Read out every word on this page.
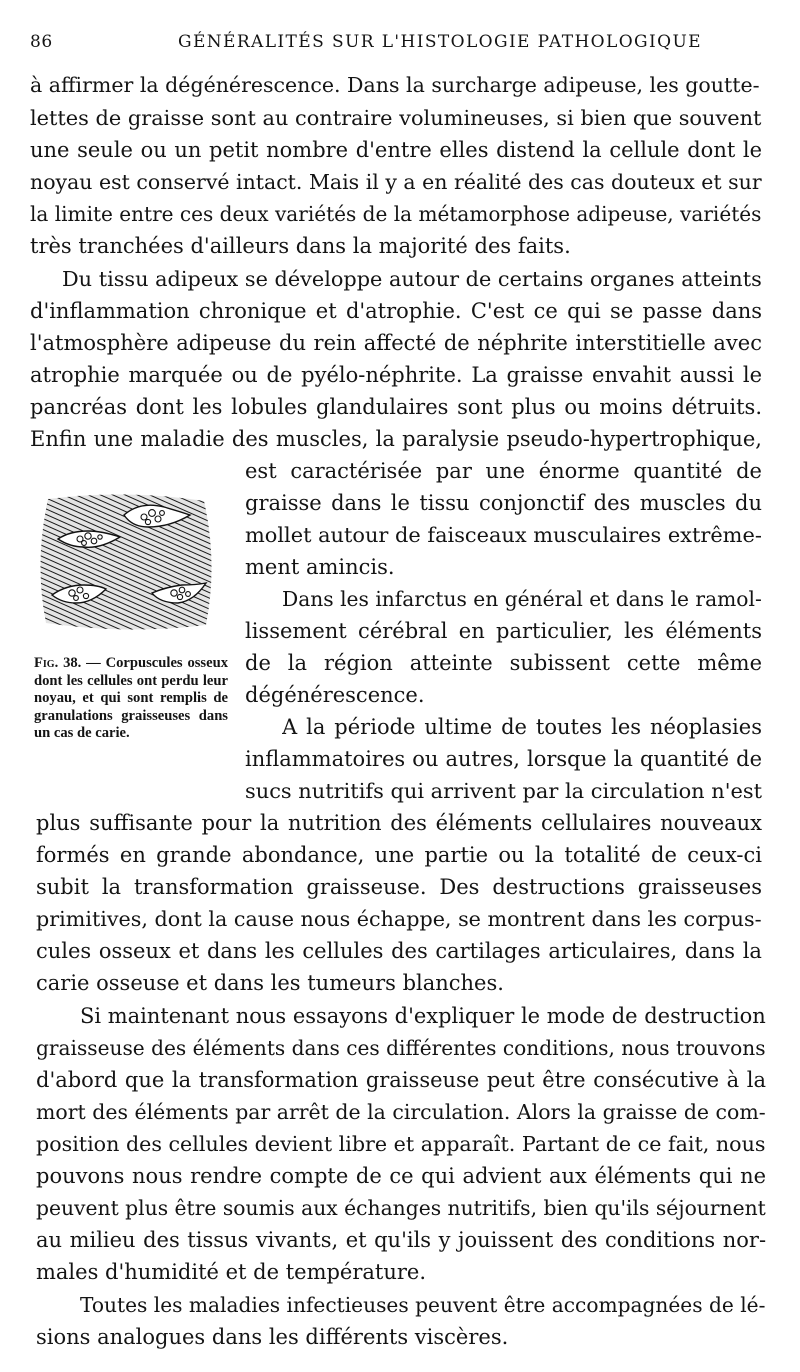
86	GÉNÉRALITÉS SUR L'HISTOLOGIE PATHOLOGIQUE
à affirmer la dégénérescence. Dans la surcharge adipeuse, les goutte-
lettes de graisse sont au contraire volumineuses, si bien que souvent
une seule ou un petit nombre d'entre elles distend la cellule dont le
noyau est conservé intact. Mais il y a en réalité des cas douteux et sur
la limite entre ces deux variétés de la métamorphose adipeuse, variétés
très tranchées d'ailleurs dans la majorité des faits.
Du tissu adipeux se développe autour de certains organes atteints
d'inflammation chronique et d'atrophie. C'est ce qui se passe dans
l'atmosphère adipeuse du rein affecté de néphrite interstitielle avec
atrophie marquée ou de pyélo-néphrite. La graisse envahit aussi le
pancréas dont les lobules glandulaires sont plus ou moins détruits.
Enfin une maladie des muscles, la paralysie pseudo-hypertrophique,
est caractérisée par une énorme quantité de
graisse dans le tissu conjonctif des muscles du
mollet autour de faisceaux musculaires extrême-
ment amincis.
Dans les infarctus en général et dans le ramol-
lissement cérébral en particulier, les éléments
de la région atteinte subissent cette même
dégénérescence.
A la période ultime de toutes les néoplasies
inflammatoires ou autres, lorsque la quantité de
sucs nutritifs qui arrivent par la circulation n'est
plus suffisante pour la nutrition des éléments cellulaires nouveaux
formés en grande abondance, une partie ou la totalité de ceux-ci
subit la transformation graisseuse. Des destructions graisseuses
primitives, dont la cause nous échappe, se montrent dans les corpus-
cules osseux et dans les cellules des cartilages articulaires, dans la
carie osseuse et dans les tumeurs blanches.
Si maintenant nous essayons d'expliquer le mode de destruction
graisseuse des éléments dans ces différentes conditions, nous trouvons
d'abord que la transformation graisseuse peut être consécutive à la
mort des éléments par arrêt de la circulation. Alors la graisse de com-
position des cellules devient libre et apparaît. Partant de ce fait, nous
pouvons nous rendre compte de ce qui advient aux éléments qui ne
peuvent plus être soumis aux échanges nutritifs, bien qu'ils séjournent
au milieu des tissus vivants, et qu'ils y jouissent des conditions nor-
males d'humidité et de température.
Toutes les maladies infectieuses peuvent être accompagnées de lé-
sions analogues dans les différents viscères.
Fig. 38. — Corpuscules osseux dont les cellules ont perdu leur noyau, et qui sont remplis de granulations graisseuses dans un cas de carie.
